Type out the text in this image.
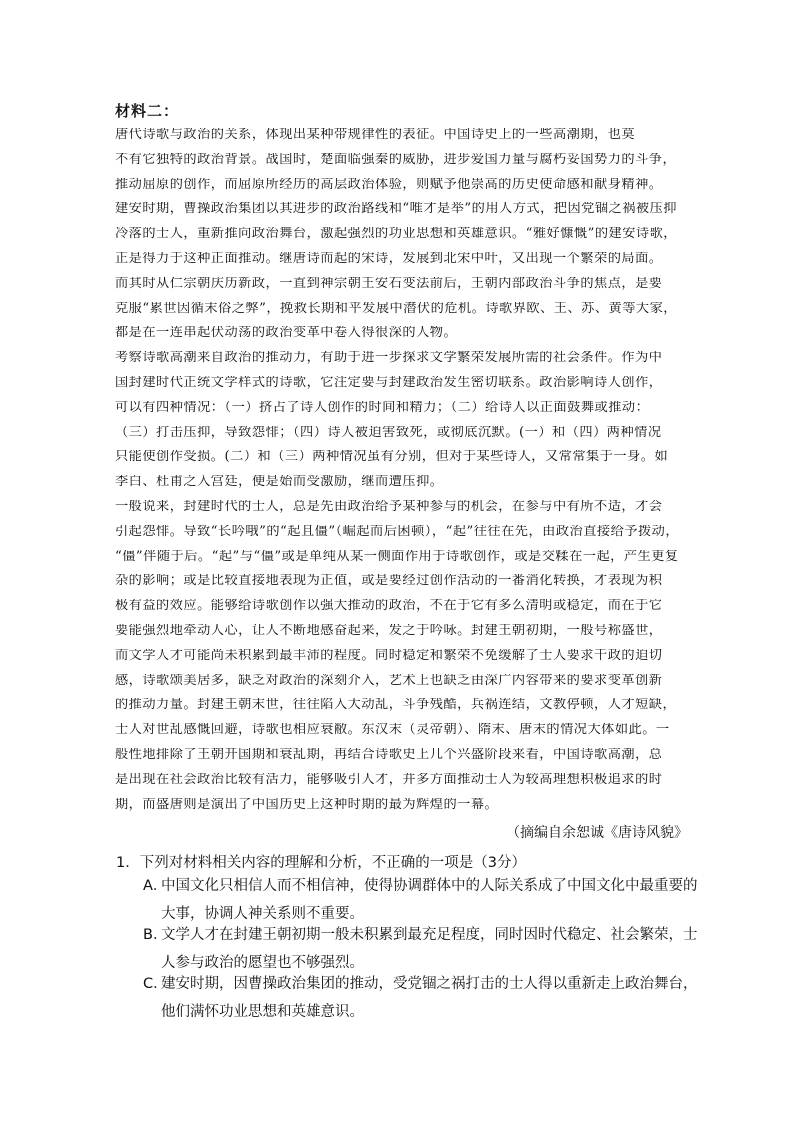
材料二：
唐代诗歌与政治的关系，体现出某种带规律性的表征。中国诗史上的一些高潮期，也莫
不有它独特的政治背景。战国时，楚面临强秦的威胁，进步爱国力量与腐朽妥国势力的斗争，
推动屈原的创作，而屈原所经历的高层政治体验，则赋予他崇高的历史使命感和献身精神。
建安时期，曹操政治集团以其进步的政治路线和“唯才是举”的用人方式，把因党锢之祸被压抑
冷落的士人，重新推向政治舞台，激起强烈的功业思想和英雄意识。“雅好慷慨”的建安诗歌，
正是得力于这种正面推动。继唐诗而起的宋诗，发展到北宋中叶，又出现一个繁荣的局面。
而其时从仁宗朝庆历新政，一直到神宗朝王安石变法前后，王朝内部政治斗争的焦点，是要
克服“累世因循末俗之弊”，挽救长期和平发展中潜伏的危机。诗歌界欧、王、苏、黄等大家，
都是在一连串起伏动荡的政治变革中卷入得很深的人物。
考察诗歌高潮来自政治的推动力，有助于进一步探求文学繁荣发展所需的社会条件。作为中
国封建时代正统文学样式的诗歌，它注定要与封建政治发生密切联系。政治影响诗人创作，
可以有四种情况：（一）挤占了诗人创作的时间和精力；（二）给诗人以正面鼓舞或推动：
（三）打击压抑，导致怨悱；（四）诗人被迫害致死，或彻底沉默。(一）和（四）两种情况
只能使创作受损。(二）和（三）两种情况虽有分别，但对于某些诗人，又常常集于一身。如
李白、杜甫之入宫廷，便是始而受激励，继而遭压抑。
一般说来，封建时代的士人，总是先由政治给予某种参与的机会，在参与中有所不适，才会
引起怨悱。导致“长吟哦”的“起且僵”（崛起而后困顿），“起”往往在先，由政治直接给予拨动，
“僵”伴随于后。“起”与“僵”或是单纯从某一侧面作用于诗歌创作，或是交糅在一起，产生更复
杂的影响；或是比较直接地表现为正值，或是要经过创作活动的一番消化转换，才表现为积
极有益的效应。能够给诗歌创作以强大推动的政治，不在于它有多么清明或稳定，而在于它
要能强烈地牵动人心，让人不断地感奋起来，发之于吟咏。封建王朝初期，一般号称盛世，
而文学人才可能尚未积累到最丰沛的程度。同时稳定和繁荣不免缓解了士人要求干政的迫切
感，诗歌颂美居多，缺乏对政治的深刻介入，艺术上也缺乏由深广内容带来的要求变革创新
的推动力量。封建王朝末世，往往陷入大动乱，斗争残酷，兵祸连结，文教停顿，人才短缺，
士人对世乱感慨回避，诗歌也相应衰敝。东汉末（灵帝朝）、隋末、唐末的情况大体如此。一
般性地排除了王朝开国期和衰乱期，再结合诗歌史上几个兴盛阶段来看，中国诗歌高潮，总
是出现在社会政治比较有活力，能够吸引人才，并多方面推动士人为较高理想积极追求的时
期，而盛唐则是演出了中国历史上这种时期的最为辉煌的一幕。
（摘编自余恕诚《唐诗风貌》
1．下列对材料相关内容的理解和分析，不正确的一项是（3分）
A．中国文化只相信人而不相信神，使得协调群体中的人际关系成了中国文化中最重要的
大事，协调人神关系则不重要。
B．文学人才在封建王朝初期一般未积累到最充足程度，同时因时代稳定、社会繁荣，士
人参与政治的愿望也不够强烈。
C．建安时期，因曹操政治集团的推动，受党锢之祸打击的士人得以重新走上政治舞台，
他们满怀功业思想和英雄意识。
